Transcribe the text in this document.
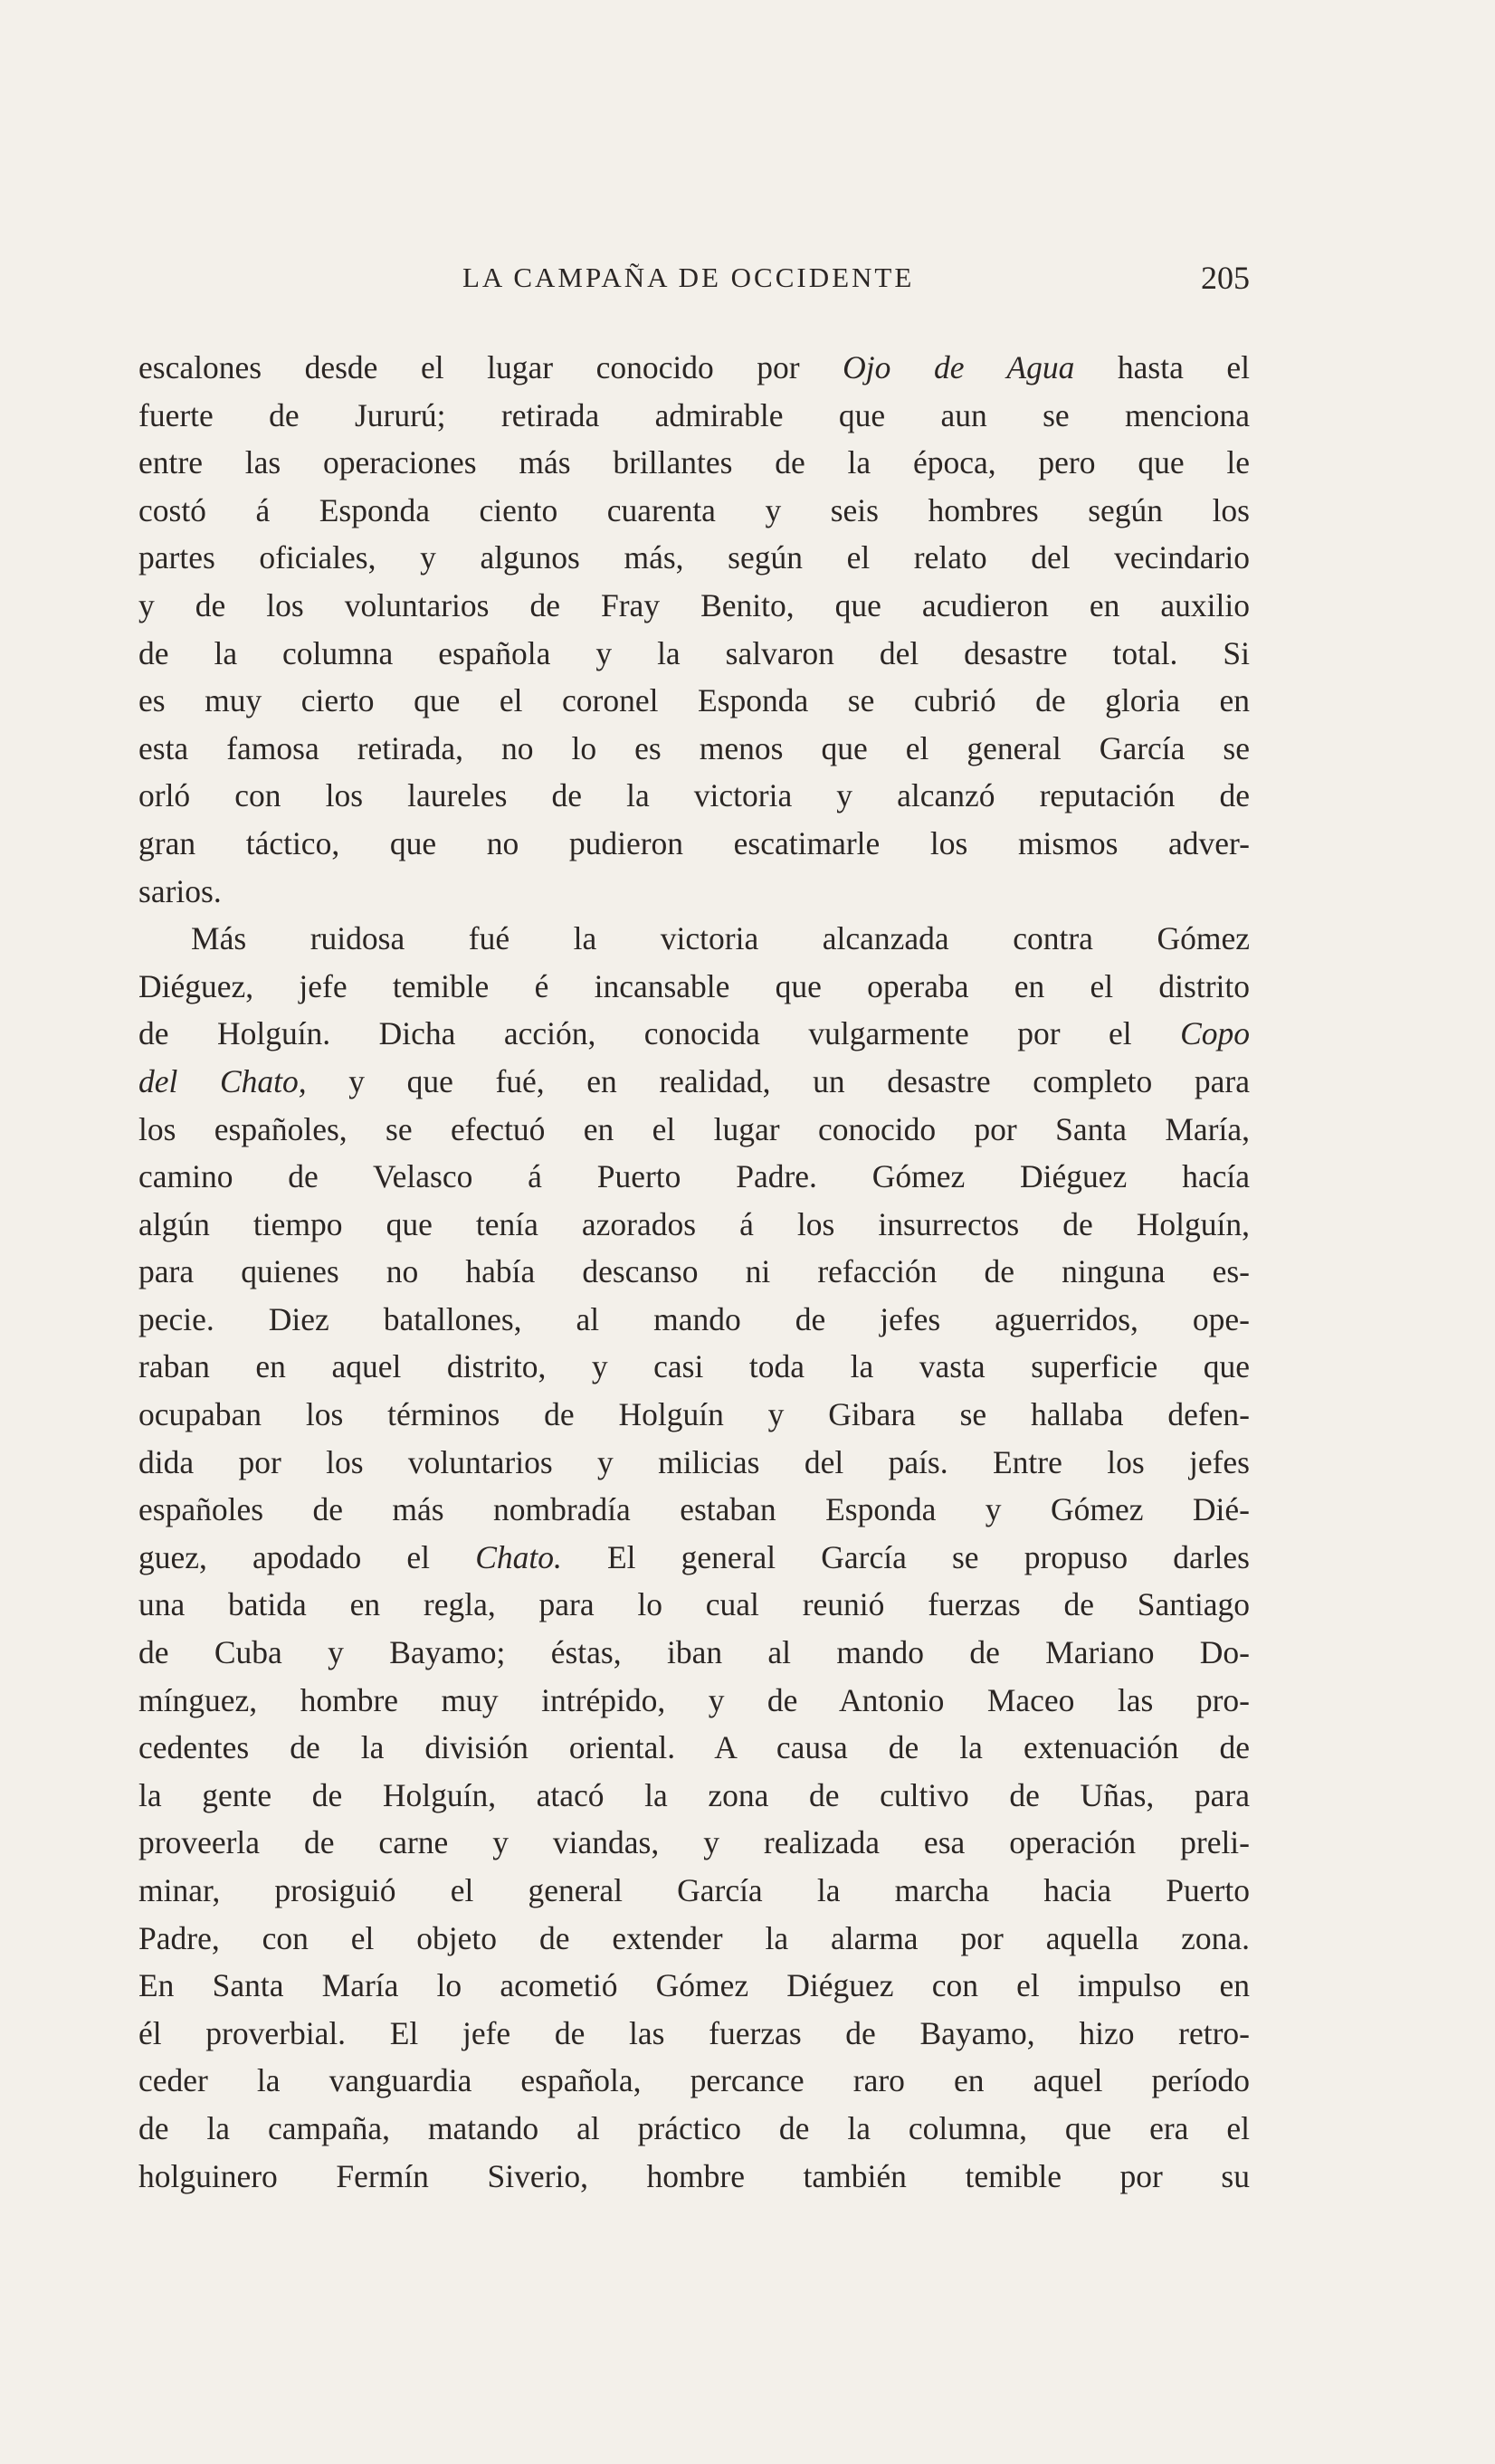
LA CAMPAÑA DE OCCIDENTE	205
escalones desde el lugar conocido por Ojo de Agua hasta el
fuerte de Jururú; retirada admirable que aun se menciona
entre las operaciones más brillantes de la época, pero que le
costó á Esponda ciento cuarenta y seis hombres según los
partes oficiales, y algunos más, según el relato del vecindario
y de los voluntarios de Fray Benito, que acudieron en auxilio
de la columna española y la salvaron del desastre total. Si
es muy cierto que el coronel Esponda se cubrió de gloria en
esta famosa retirada, no lo es menos que el general García se
orló con los laureles de la victoria y alcanzó reputación de
gran táctico, que no pudieron escatimarle los mismos adver-
sarios.
Más ruidosa fué la victoria alcanzada contra Gómez
Diéguez, jefe temible é incansable que operaba en el distrito
de Holguín. Dicha acción, conocida vulgarmente por el Copo
del Chato, y que fué, en realidad, un desastre completo para
los españoles, se efectuó en el lugar conocido por Santa María,
camino de Velasco á Puerto Padre. Gómez Diéguez hacía
algún tiempo que tenía azorados á los insurrectos de Holguín,
para quienes no había descanso ni refacción de ninguna es-
pecie. Diez batallones, al mando de jefes aguerridos, ope-
raban en aquel distrito, y casi toda la vasta superficie que
ocupaban los términos de Holguín y Gibara se hallaba defen-
dida por los voluntarios y milicias del país. Entre los jefes
españoles de más nombradía estaban Esponda y Gómez Dié-
guez, apodado el Chato. El general García se propuso darles
una batida en regla, para lo cual reunió fuerzas de Santiago
de Cuba y Bayamo; éstas, iban al mando de Mariano Do-
mínguez, hombre muy intrépido, y de Antonio Maceo las pro-
cedentes de la división oriental. A causa de la extenuación de
la gente de Holguín, atacó la zona de cultivo de Uñas, para
proveerla de carne y viandas, y realizada esa operación preli-
minar, prosiguió el general García la marcha hacia Puerto
Padre, con el objeto de extender la alarma por aquella zona.
En Santa María lo acometió Gómez Diéguez con el impulso en
él proverbial. El jefe de las fuerzas de Bayamo, hizo retro-
ceder la vanguardia española, percance raro en aquel período
de la campaña, matando al práctico de la columna, que era el
holguinero Fermín Siverio, hombre también temible por su
